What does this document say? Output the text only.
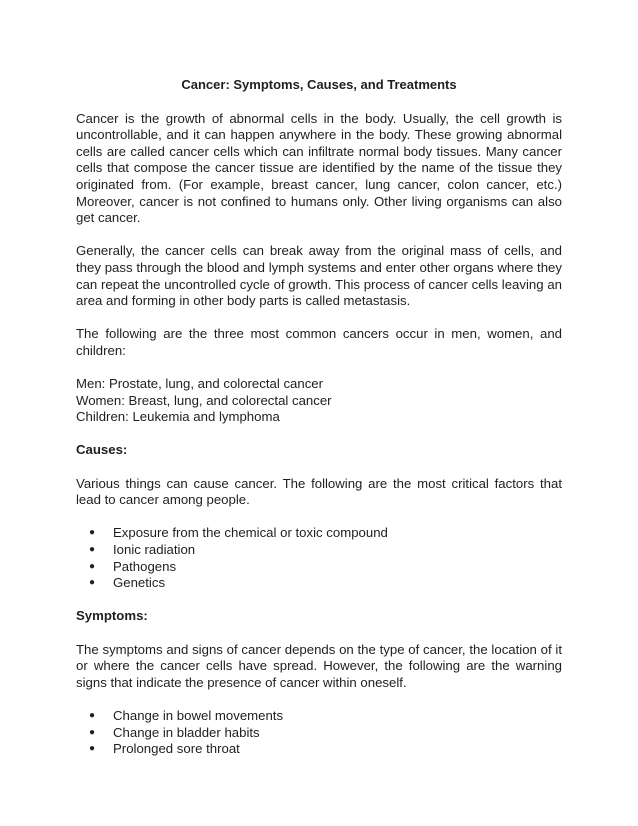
Cancer: Symptoms, Causes, and Treatments

Cancer is the growth of abnormal cells in the body. Usually, the cell growth is uncontrollable, and it can happen anywhere in the body. These growing abnormal cells are called cancer cells which can infiltrate normal body tissues. Many cancer cells that compose the cancer tissue are identified by the name of the tissue they originated from. (For example, breast cancer, lung cancer, colon cancer, etc.) Moreover, cancer is not confined to humans only. Other living organisms can also get cancer.

Generally, the cancer cells can break away from the original mass of cells, and they pass through the blood and lymph systems and enter other organs where they can repeat the uncontrolled cycle of growth. This process of cancer cells leaving an area and forming in other body parts is called metastasis.

The following are the three most common cancers occur in men, women, and children:

Men: Prostate, lung, and colorectal cancer

Women: Breast, lung, and colorectal cancer

Children: Leukemia and lymphoma

Causes:

Various things can cause cancer. The following are the most critical factors that lead to cancer among people.

● Exposure from the chemical or toxic compound
● Ionic radiation
● Pathogens
● Genetics
Symptoms:

The symptoms and signs of cancer depends on the type of cancer, the location of it or where the cancer cells have spread. However, the following are the warning signs that indicate the presence of cancer within oneself.

● Change in bowel movements
● Change in bladder habits
● Prolonged sore throat
